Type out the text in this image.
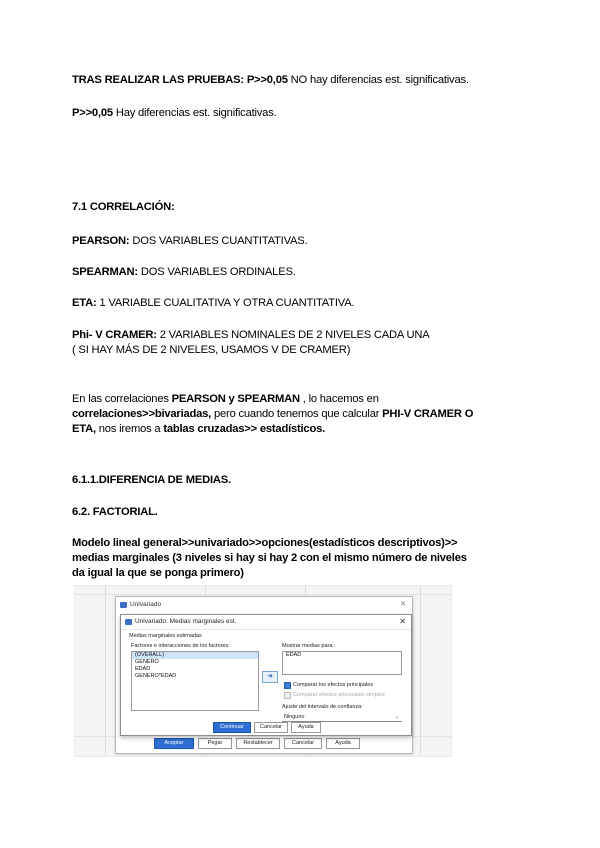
TRAS REALIZAR LAS PRUEBAS: P>>0,05 NO hay diferencias est. significativas.
P>>0,05 Hay diferencias est. significativas.
7.1 CORRELACIÓN:
PEARSON: DOS VARIABLES CUANTITATIVAS.
SPEARMAN: DOS VARIABLES ORDINALES.
ETA: 1 VARIABLE CUALITATIVA Y OTRA CUANTITATIVA.
Phi- V CRAMER: 2 VARIABLES NOMINALES DE 2 NIVELES CADA UNA
( SI HAY MÁS DE 2 NIVELES, USAMOS V DE CRAMER)
En las correlaciones PEARSON y SPEARMAN , lo hacemos en
correlaciones>>bivariadas, pero cuando tenemos que calcular PHI-V CRAMER O
ETA, nos iremos a tablas cruzadas>> estadísticos.
6.1.1.DIFERENCIA DE MEDIAS.
6.2. FACTORIAL.
Modelo lineal general>>univariado>>opciones(estadísticos descriptivos)>>
medias marginales (3 niveles si hay si hay 2 con el mismo número de niveles
da igual la que se ponga primero)
Univariado	✕
Aceptar	Pegar	Restablecer	Cancelar	Ayuda
Univariado: Medias marginales est.	✕
Medias marginales estimadas
Factores e interacciones de los factores:
(OVERALL)
GENERO
EDAD
GENERO*EDAD	➜
Mostrar medias para:
EDAD
Comparar los efectos principales
Comparar efectos principales simples
Ajuste del intervalo de confianza:
Ninguno	⌄
Continuar	Cancelar	Ayuda
